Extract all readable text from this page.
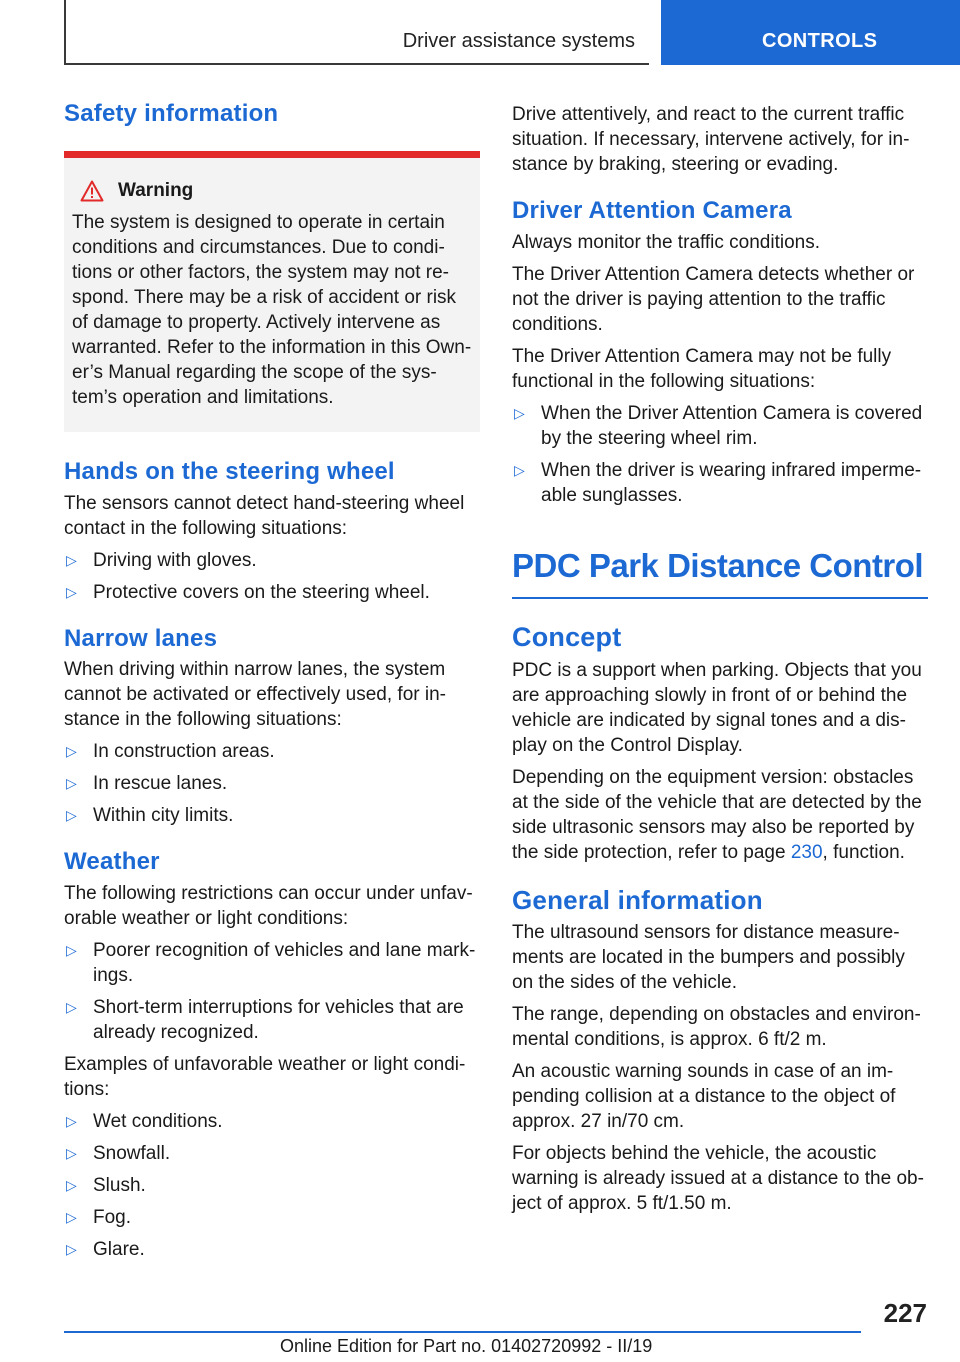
Driver assistance systems	CONTROLS
Safety information
Warning

The system is designed to operate in certain conditions and circumstances. Due to condi-tions or other factors, the system may not re-spond. There may be a risk of accident or risk of damage to property. Actively intervene as warranted. Refer to the information in this Own-er’s Manual regarding the scope of the sys-tem’s operation and limitations.

Hands on the steering wheel

The sensors cannot detect hand-steering wheel contact in the following situations:

▷ Driving with gloves.
▷ Protective covers on the steering wheel.
Narrow lanes

When driving within narrow lanes, the system cannot be activated or effectively used, for in-stance in the following situations:

▷ In construction areas.
▷ In rescue lanes.
▷ Within city limits.
Weather

The following restrictions can occur under unfav-orable weather or light conditions:

▷ Poorer recognition of vehicles and lane mark-ings.
▷ Short-term interruptions for vehicles that are already recognized.

Examples of unfavorable weather or light condi-tions:

▷ Wet conditions.
▷ Snowfall.
▷ Slush.
▷ Fog.
▷ Glare.

Drive attentively, and react to the current traffic situation. If necessary, intervene actively, for in-stance by braking, steering or evading.

Driver Attention Camera

Always monitor the traffic conditions.

The Driver Attention Camera detects whether or not the driver is paying attention to the traffic conditions.

The Driver Attention Camera may not be fully functional in the following situations:

▷ When the Driver Attention Camera is covered by the steering wheel rim.
▷ When the driver is wearing infrared imperme-able sunglasses.
PDC Park Distance Control
Concept

PDC is a support when parking. Objects that you are approaching slowly in front of or behind the vehicle are indicated by signal tones and a dis-play on the Control Display.

Depending on the equipment version: obstacles at the side of the vehicle that are detected by the side ultrasonic sensors may also be reported by the side protection, refer to page 230, function.

General information

The ultrasound sensors for distance measure-ments are located in the bumpers and possibly on the sides of the vehicle.

The range, depending on obstacles and environ-mental conditions, is approx. 6 ft/2 m.

An acoustic warning sounds in case of an im-pending collision at a distance to the object of approx. 27 in/70 cm.

For objects behind the vehicle, the acoustic warning is already issued at a distance to the ob-ject of approx. 5 ft/1.50 m.

227
Online Edition for Part no. 01402720992 - II/19
